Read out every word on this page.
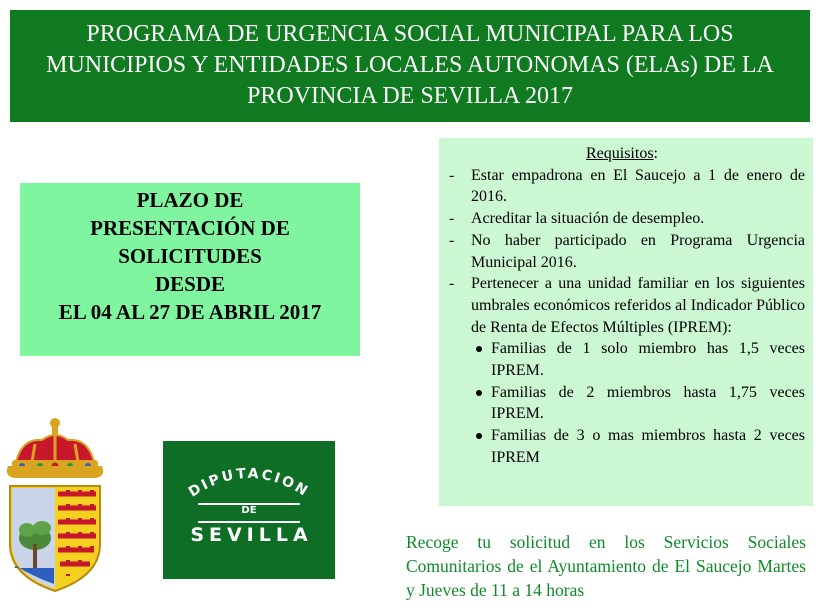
PROGRAMA DE URGENCIA SOCIAL MUNICIPAL PARA LOS
MUNICIPIOS Y ENTIDADES LOCALES AUTONOMAS (ELAs) DE LA
PROVINCIA DE SEVILLA 2017
PLAZO DE
PRESENTACIÓN DE
SOLICITUDES
DESDE
EL 04 AL 27 DE ABRIL 2017
Requisitos:
- Estar empadrona en El Saucejo a 1 de enero de 2016.
- Acreditar la situación de desempleo.
- No haber participado en Programa Urgencia Municipal 2016.
- Pertenecer a una unidad familiar en los siguientes umbrales económicos referidos al Indicador Público de Renta de Efectos Múltiples (IPREM):
Familias de 1 solo miembro has 1,5 veces IPREM.
Familias de 2 miembros hasta 1,75 veces IPREM.
Familias de 3 o mas miembros hasta 2 veces IPREM
Recoge tu solicitud en los Servicios Sociales Comunitarios de el Ayuntamiento de El Saucejo Martes y Jueves de 11 a 14 horas
DIPUTACION
DE
SEVILLA
